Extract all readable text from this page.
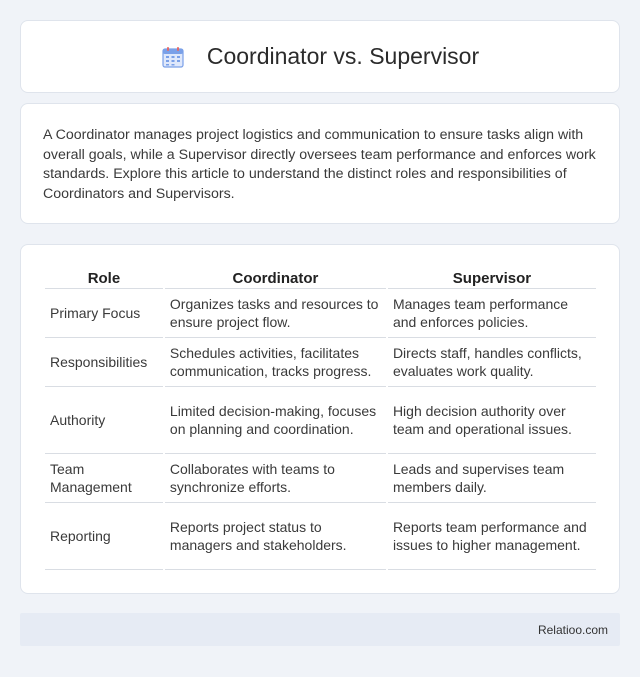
Coordinator vs. Supervisor

A Coordinator manages project logistics and communication to ensure tasks align with overall goals, while a Supervisor directly oversees team performance and enforces work standards. Explore this article to understand the distinct roles and responsibilities of Coordinators and Supervisors.

Role	Coordinator	Supervisor
Primary Focus	Organizes tasks and resources to ensure project flow.	Manages team performance and enforces policies.
Responsibilities	Schedules activities, facilitates communication, tracks progress.	Directs staff, handles conflicts, evaluates work quality.
Authority	Limited decision-making, focuses on planning and coordination.	High decision authority over team and operational issues.
Team Management	Collaborates with teams to synchronize efforts.	Leads and supervises team members daily.
Reporting	Reports project status to managers and stakeholders.	Reports team performance and issues to higher management.
Relatioo.com
